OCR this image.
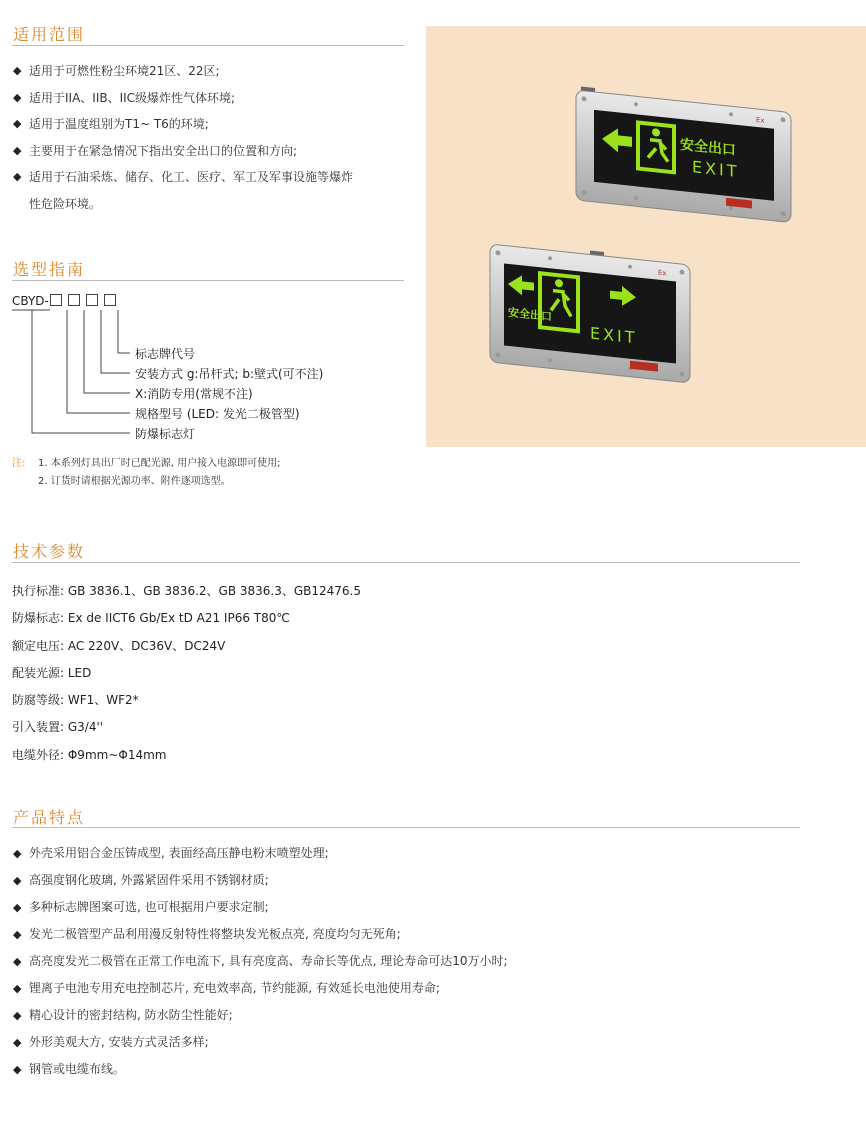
适用范围
◆ 适用于可燃性粉尘环境21区、22区;
◆ 适用于IIA、IIB、IIC级爆炸性气体环境;
◆ 适用于温度组别为T1~ T6的环境;
◆ 主要用于在紧急情况下指出安全出口的位置和方向;
◆ 适用于石油采炼、储存、化工、医疗、军工及军事设施等爆炸
性危险环境。
选型指南
CBYD-
标志牌代号
安装方式 g:吊杆式; b:壁式(可不注)
X:消防专用(常规不注)
规格型号 (LED: 发光二极管型)
防爆标志灯
注: 1. 本系列灯具出厂时已配光源, 用户接入电源即可使用;
2. 订货时请根据光源功率、附件逐项选型。
安全出口
EXIT
Ex
安全出口
EXIT
Ex
技术参数
执行标准: GB 3836.1、GB 3836.2、GB 3836.3、GB12476.5
防爆标志: Ex de IICT6 Gb/Ex tD A21 IP66 T80℃
额定电压: AC 220V、DC36V、DC24V
配装光源: LED
防腐等级: WF1、WF2*
引入装置: G3/4''
电缆外径: Φ9mm~Φ14mm
产品特点
◆ 外壳采用铝合金压铸成型, 表面经高压静电粉末喷塑处理;
◆ 高强度钢化玻璃, 外露紧固件采用不锈钢材质;
◆ 多种标志牌图案可选, 也可根据用户要求定制;
◆ 发光二极管型产品利用漫反射特性将整块发光板点亮, 亮度均匀无死角;
◆ 高亮度发光二极管在正常工作电流下, 具有亮度高、寿命长等优点, 理论寿命可达10万小时;
◆ 锂离子电池专用充电控制芯片, 充电效率高, 节约能源, 有效延长电池使用寿命;
◆ 精心设计的密封结构, 防水防尘性能好;
◆ 外形美观大方, 安装方式灵活多样;
◆ 钢管或电缆布线。
